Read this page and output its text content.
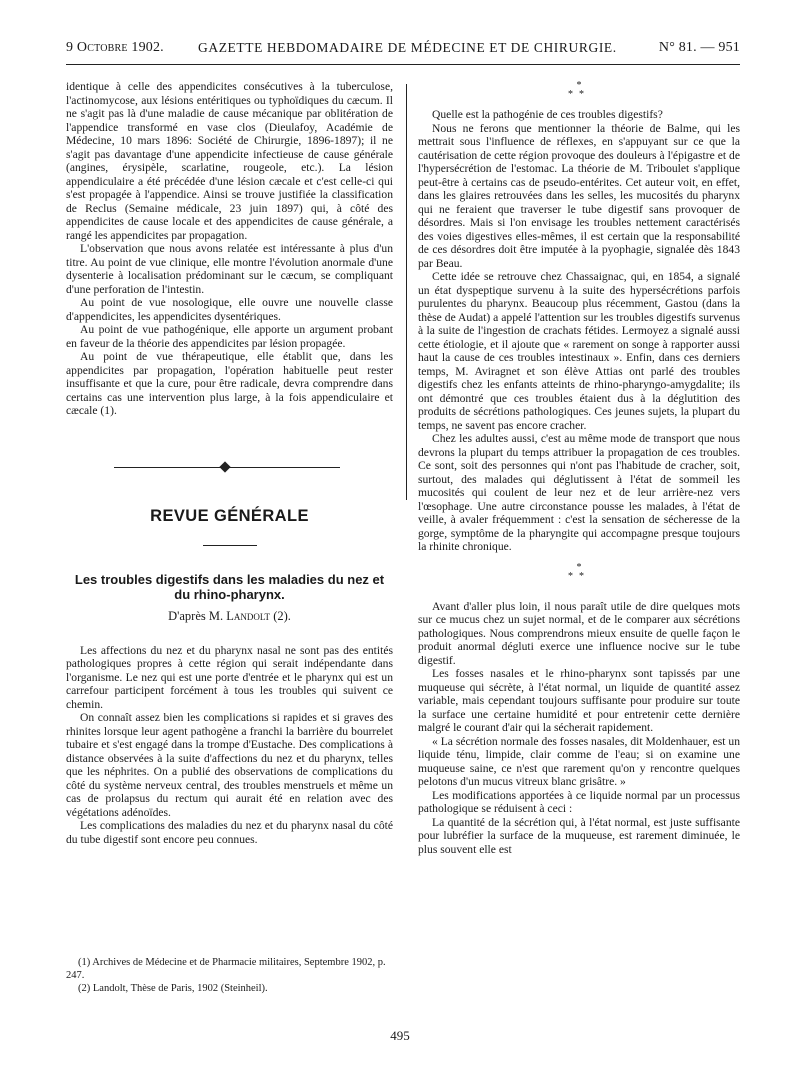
9 Octobre 1902.	GAZETTE HEBDOMADAIRE DE MÉDECINE ET DE CHIRURGIE.	N° 81. — 951

identique à celle des appendicites consécutives à la tuberculose, l'actinomycose, aux lésions entéritiques ou typhoïdiques du cæcum. Il ne s'agit pas là d'une maladie de cause mécanique par oblitération de l'appendice transformé en vase clos (Dieulafoy, Académie de Médecine, 10 mars 1896: Société de Chirurgie, 1896-1897); il ne s'agit pas davantage d'une appendicite infectieuse de cause générale (angines, érysipèle, scarlatine, rougeole, etc.). La lésion appendiculaire a été précédée d'une lésion cæcale et c'est celle-ci qui s'est propagée à l'appendice. Ainsi se trouve justifiée la classification de Reclus (Semaine médicale, 23 juin 1897) qui, à côté des appendicites de cause locale et des appendicites de cause générale, a rangé les appendicites par propagation.

L'observation que nous avons relatée est intéressante à plus d'un titre. Au point de vue clinique, elle montre l'évolution anormale d'une dysenterie à localisation prédominant sur le cæcum, se compliquant d'une perforation de l'intestin.

Au point de vue nosologique, elle ouvre une nouvelle classe d'appendicites, les appendicites dysentériques.

Au point de vue pathogénique, elle apporte un argument probant en faveur de la théorie des appendicites par lésion propagée.

Au point de vue thérapeutique, elle établit que, dans les appendicites par propagation, l'opération habituelle peut rester insuffisante et que la cure, pour être radicale, devra comprendre dans certains cas une intervention plus large, à la fois appendiculaire et cæcale (1).

REVUE GÉNÉRALE
Les troubles digestifs dans les maladies du nez et du rhino-pharynx.
D'après M. Landolt (2).

Les affections du nez et du pharynx nasal ne sont pas des entités pathologiques propres à cette région qui serait indépendante dans l'organisme. Le nez qui est une porte d'entrée et le pharynx qui est un carrefour participent forcément à tous les troubles qui suivent ce chemin.

On connaît assez bien les complications si rapides et si graves des rhinites lorsque leur agent pathogène a franchi la barrière du bourrelet tubaire et s'est engagé dans la trompe d'Eustache. Des complications à distance observées à la suite d'affections du nez et du pharynx, telles que les néphrites. On a publié des observations de complications du côté du système nerveux central, des troubles menstruels et même un cas de prolapsus du rectum qui aurait été en relation avec des végétations adénoïdes.

Les complications des maladies du nez et du pharynx nasal du côté du tube digestif sont encore peu connues.

(1) Archives de Médecine et de Pharmacie militaires, Septembre 1902, p. 247.

(2) Landolt, Thèse de Paris, 1902 (Steinheil).

*
**

Quelle est la pathogénie de ces troubles digestifs?

Nous ne ferons que mentionner la théorie de Balme, qui les mettrait sous l'influence de réflexes, en s'appuyant sur ce que la cautérisation de cette région provoque des douleurs à l'épigastre et de l'hypersécrétion de l'estomac. La théorie de M. Triboulet s'applique peut-être à certains cas de pseudo-entérites. Cet auteur voit, en effet, dans les glaires retrouvées dans les selles, les mucosités du pharynx qui ne feraient que traverser le tube digestif sans provoquer de désordres. Mais si l'on envisage les troubles nettement caractérisés des voies digestives elles-mêmes, il est certain que la responsabilité de ces désordres doit être imputée à la pyophagie, signalée dès 1843 par Beau.

Cette idée se retrouve chez Chassaignac, qui, en 1854, a signalé un état dyspeptique survenu à la suite des hypersécrétions parfois purulentes du pharynx. Beaucoup plus récemment, Gastou (dans la thèse de Audat) a appelé l'attention sur les troubles digestifs survenus à la suite de l'ingestion de crachats fétides. Lermoyez a signalé aussi cette étiologie, et il ajoute que « rarement on songe à rapporter aussi haut la cause de ces troubles intestinaux ». Enfin, dans ces derniers temps, M. Aviragnet et son élève Attias ont parlé des troubles digestifs chez les enfants atteints de rhino-pharyngo-amygdalite; ils ont démontré que ces troubles étaient dus à la déglutition des produits de sécrétions pathologiques. Ces jeunes sujets, la plupart du temps, ne savent pas encore cracher.

Chez les adultes aussi, c'est au même mode de transport que nous devrons la plupart du temps attribuer la propagation de ces troubles. Ce sont, soit des personnes qui n'ont pas l'habitude de cracher, soit, surtout, des malades qui déglutissent à l'état de sommeil les mucosités qui coulent de leur nez et de leur arrière-nez vers l'œsophage. Une autre circonstance pousse les malades, à l'état de veille, à avaler fréquemment : c'est la sensation de sécheresse de la gorge, symptôme de la pharyngite qui accompagne presque toujours la rhinite chronique.

*
**

Avant d'aller plus loin, il nous paraît utile de dire quelques mots sur ce mucus chez un sujet normal, et de le comparer aux sécrétions pathologiques. Nous comprendrons mieux ensuite de quelle façon le produit anormal dégluti exerce une influence nocive sur le tube digestif.

Les fosses nasales et le rhino-pharynx sont tapissés par une muqueuse qui sécrète, à l'état normal, un liquide de quantité assez variable, mais cependant toujours suffisante pour produire sur toute la surface une certaine humidité et pour entretenir cette dernière malgré le courant d'air qui la sécherait rapidement.

« La sécrétion normale des fosses nasales, dit Moldenhauer, est un liquide ténu, limpide, clair comme de l'eau; si on examine une muqueuse saine, ce n'est que rarement qu'on y rencontre quelques pelotons d'un mucus vitreux blanc grisâtre. »

Les modifications apportées à ce liquide normal par un processus pathologique se réduisent à ceci :

La quantité de la sécrétion qui, à l'état normal, est juste suffisante pour lubréfier la surface de la muqueuse, est rarement diminuée, le plus souvent elle est

495
